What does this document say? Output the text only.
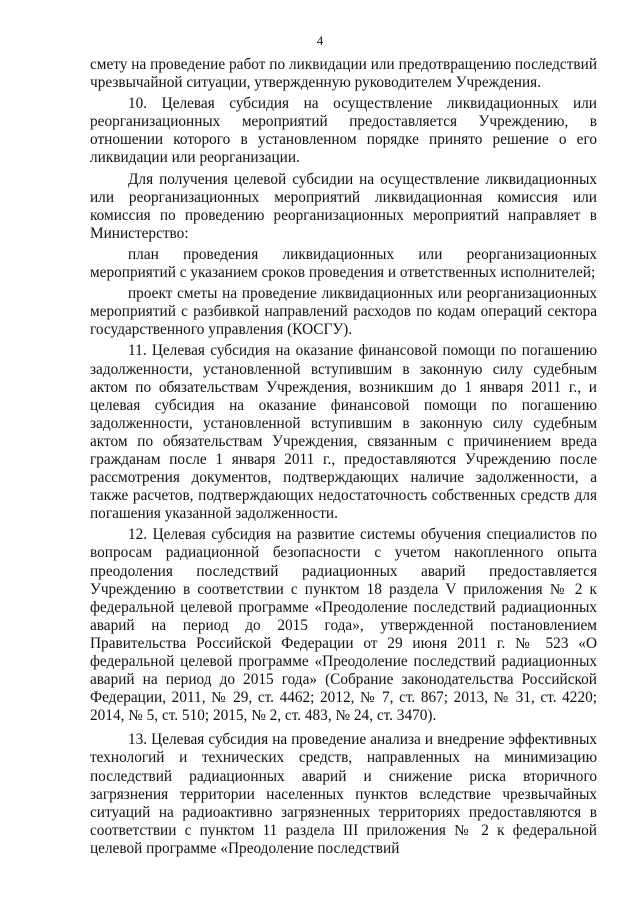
4

смету на проведение работ по ликвидации или предотвращению последствий чрезвычайной ситуации, утвержденную руководителем Учреждения.

10. Целевая субсидия на осуществление ликвидационных или реорганизационных мероприятий предоставляется Учреждению, в отношении которого в установленном порядке принято решение о его ликвидации или реорганизации.

Для получения целевой субсидии на осуществление ликвидационных или реорганизационных мероприятий ликвидационная комиссия или комиссия по проведению реорганизационных мероприятий направляет в Министерство:

план проведения ликвидационных или реорганизационных мероприятий с указанием сроков проведения и ответственных исполнителей;

проект сметы на проведение ликвидационных или реорганизационных мероприятий с разбивкой направлений расходов по кодам операций сектора государственного управления (КОСГУ).

11. Целевая субсидия на оказание финансовой помощи по погашению задолженности, установленной вступившим в законную силу судебным актом по обязательствам Учреждения, возникшим до 1 января 2011 г., и целевая субсидия на оказание финансовой помощи по погашению задолженности, установленной вступившим в законную силу судебным актом по обязательствам Учреждения, связанным с причинением вреда гражданам после 1 января 2011 г., предоставляются Учреждению после рассмотрения документов, подтверждающих наличие задолженности, а также расчетов, подтверждающих недостаточность собственных средств для погашения указанной задолженности.

12. Целевая субсидия на развитие системы обучения специалистов по вопросам радиационной безопасности с учетом накопленного опыта преодоления последствий радиационных аварий предоставляется Учреждению в соответствии с пунктом 18 раздела V приложения № 2 к федеральной целевой программе «Преодоление последствий радиационных аварий на период до 2015 года», утвержденной постановлением Правительства Российской Федерации от 29 июня 2011 г. № 523 «О федеральной целевой программе «Преодоление последствий радиационных аварий на период до 2015 года» (Собрание законодательства Российской Федерации, 2011, № 29, ст. 4462; 2012, № 7, ст. 867; 2013, № 31, ст. 4220; 2014, № 5, ст. 510; 2015, № 2, ст. 483, № 24, ст. 3470).

13. Целевая субсидия на проведение анализа и внедрение эффективных технологий и технических средств, направленных на минимизацию последствий радиационных аварий и снижение риска вторичного загрязнения территории населенных пунктов вследствие чрезвычайных ситуаций на радиоактивно загрязненных территориях предоставляются в соответствии с пунктом 11 раздела III приложения № 2 к федеральной целевой программе «Преодоление последствий
